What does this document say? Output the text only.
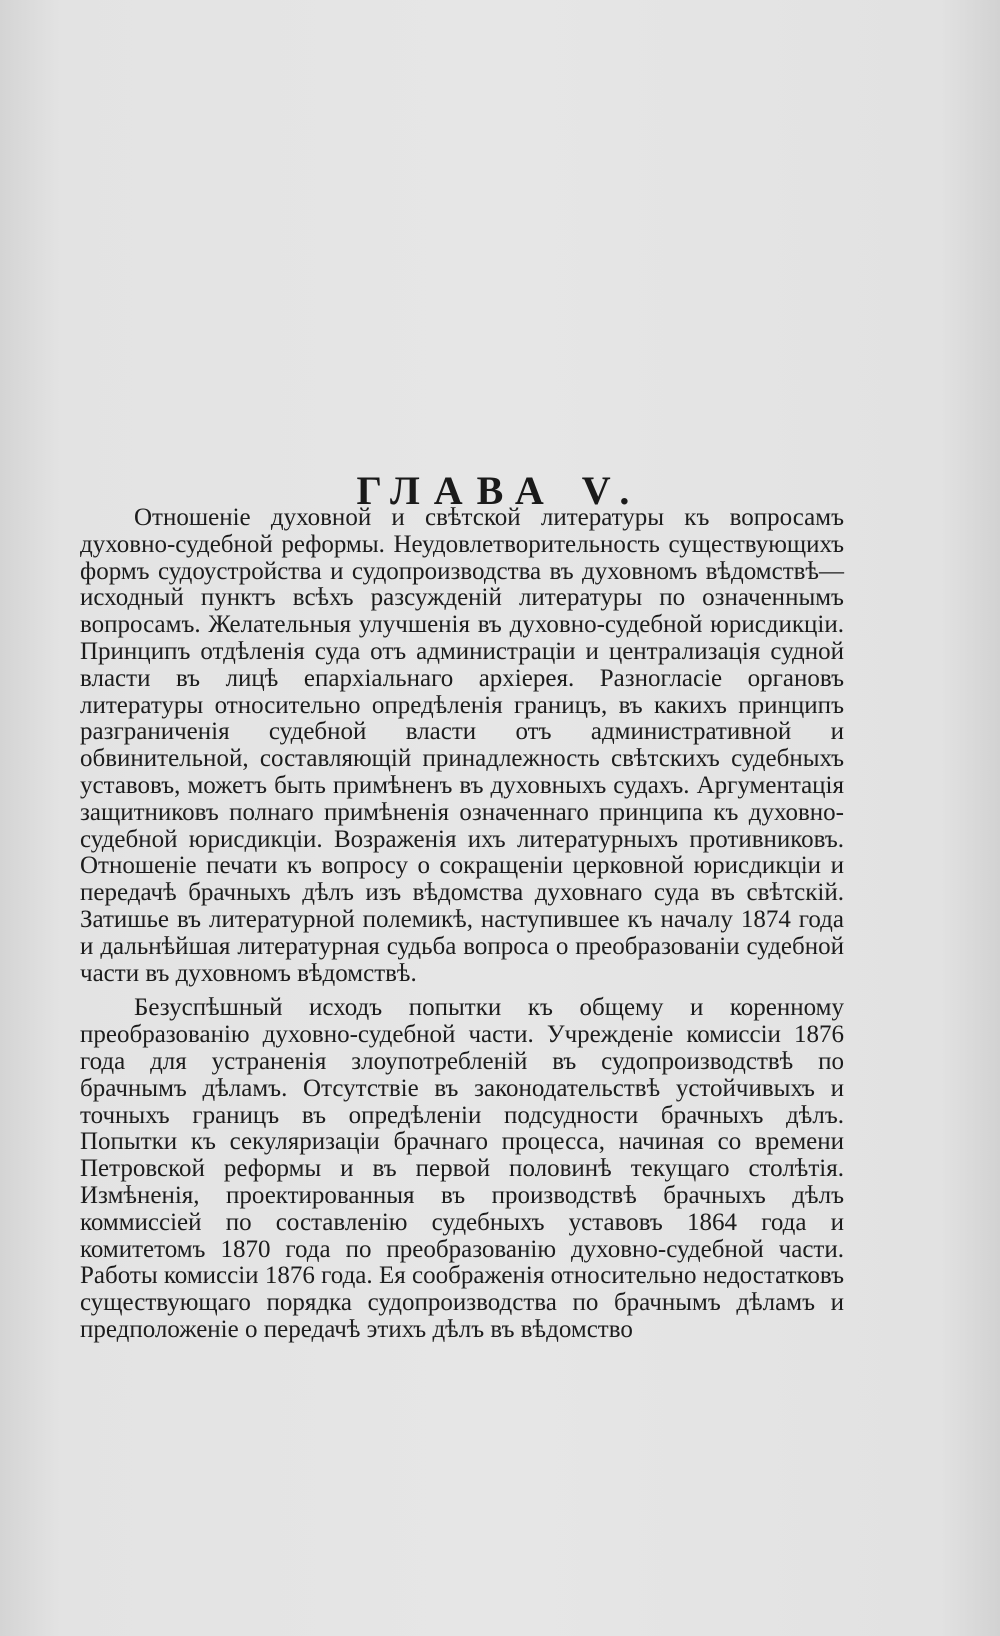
ГЛАВА V.

Отношеніе духовной и свѣтской литературы къ вопросамъ духовно-судебной реформы. Неудовлетворительность существующихъ формъ судоустройства и судопроизводства въ духовномъ вѣдомствѣ—исходный пунктъ всѣхъ разсужденій литературы по означеннымъ вопросамъ. Желательныя улучшенія въ духовно-судебной юрисдикціи. Принципъ отдѣленія суда отъ администраціи и централизація судной власти въ лицѣ епархіальнаго архіерея. Разногласіе органовъ литературы относительно опредѣленія границъ, въ какихъ принципъ разграниченія судебной власти отъ административной и обвинительной, составляющій принадлежность свѣтскихъ судебныхъ уставовъ, можетъ быть примѣненъ въ духовныхъ судахъ. Аргументація защитниковъ полнаго примѣненія означеннаго принципа къ духовно-судебной юрисдикціи. Возраженія ихъ литературныхъ противниковъ. Отношеніе печати къ вопросу о сокращеніи церковной юрисдикціи и передачѣ брачныхъ дѣлъ изъ вѣдомства духовнаго суда въ свѣтскій. Затишье въ литературной полемикѣ, наступившее къ началу 1874 года и дальнѣйшая литературная судьба вопроса о преобразованіи судебной части въ духовномъ вѣдомствѣ.

Безуспѣшный исходъ попытки къ общему и коренному преобразованію духовно-судебной части. Учрежденіе комиссіи 1876 года для устраненія злоупотребленій въ судопроизводствѣ по брачнымъ дѣламъ. Отсутствіе въ законодательствѣ устойчивыхъ и точныхъ границъ въ опредѣленіи подсудности брачныхъ дѣлъ. Попытки къ секуляризаціи брачнаго процесса, начиная со времени Петровской реформы и въ первой половинѣ текущаго столѣтія. Измѣненія, проектированныя въ производствѣ брачныхъ дѣлъ коммиссіей по составленію судебныхъ уставовъ 1864 года и комитетомъ 1870 года по преобразованію духовно-судебной части. Работы комиссіи 1876 года. Ея соображенія относительно недостатковъ существующаго порядка судопроизводства по брачнымъ дѣламъ и предположеніе о передачѣ этихъ дѣлъ въ вѣдомство
